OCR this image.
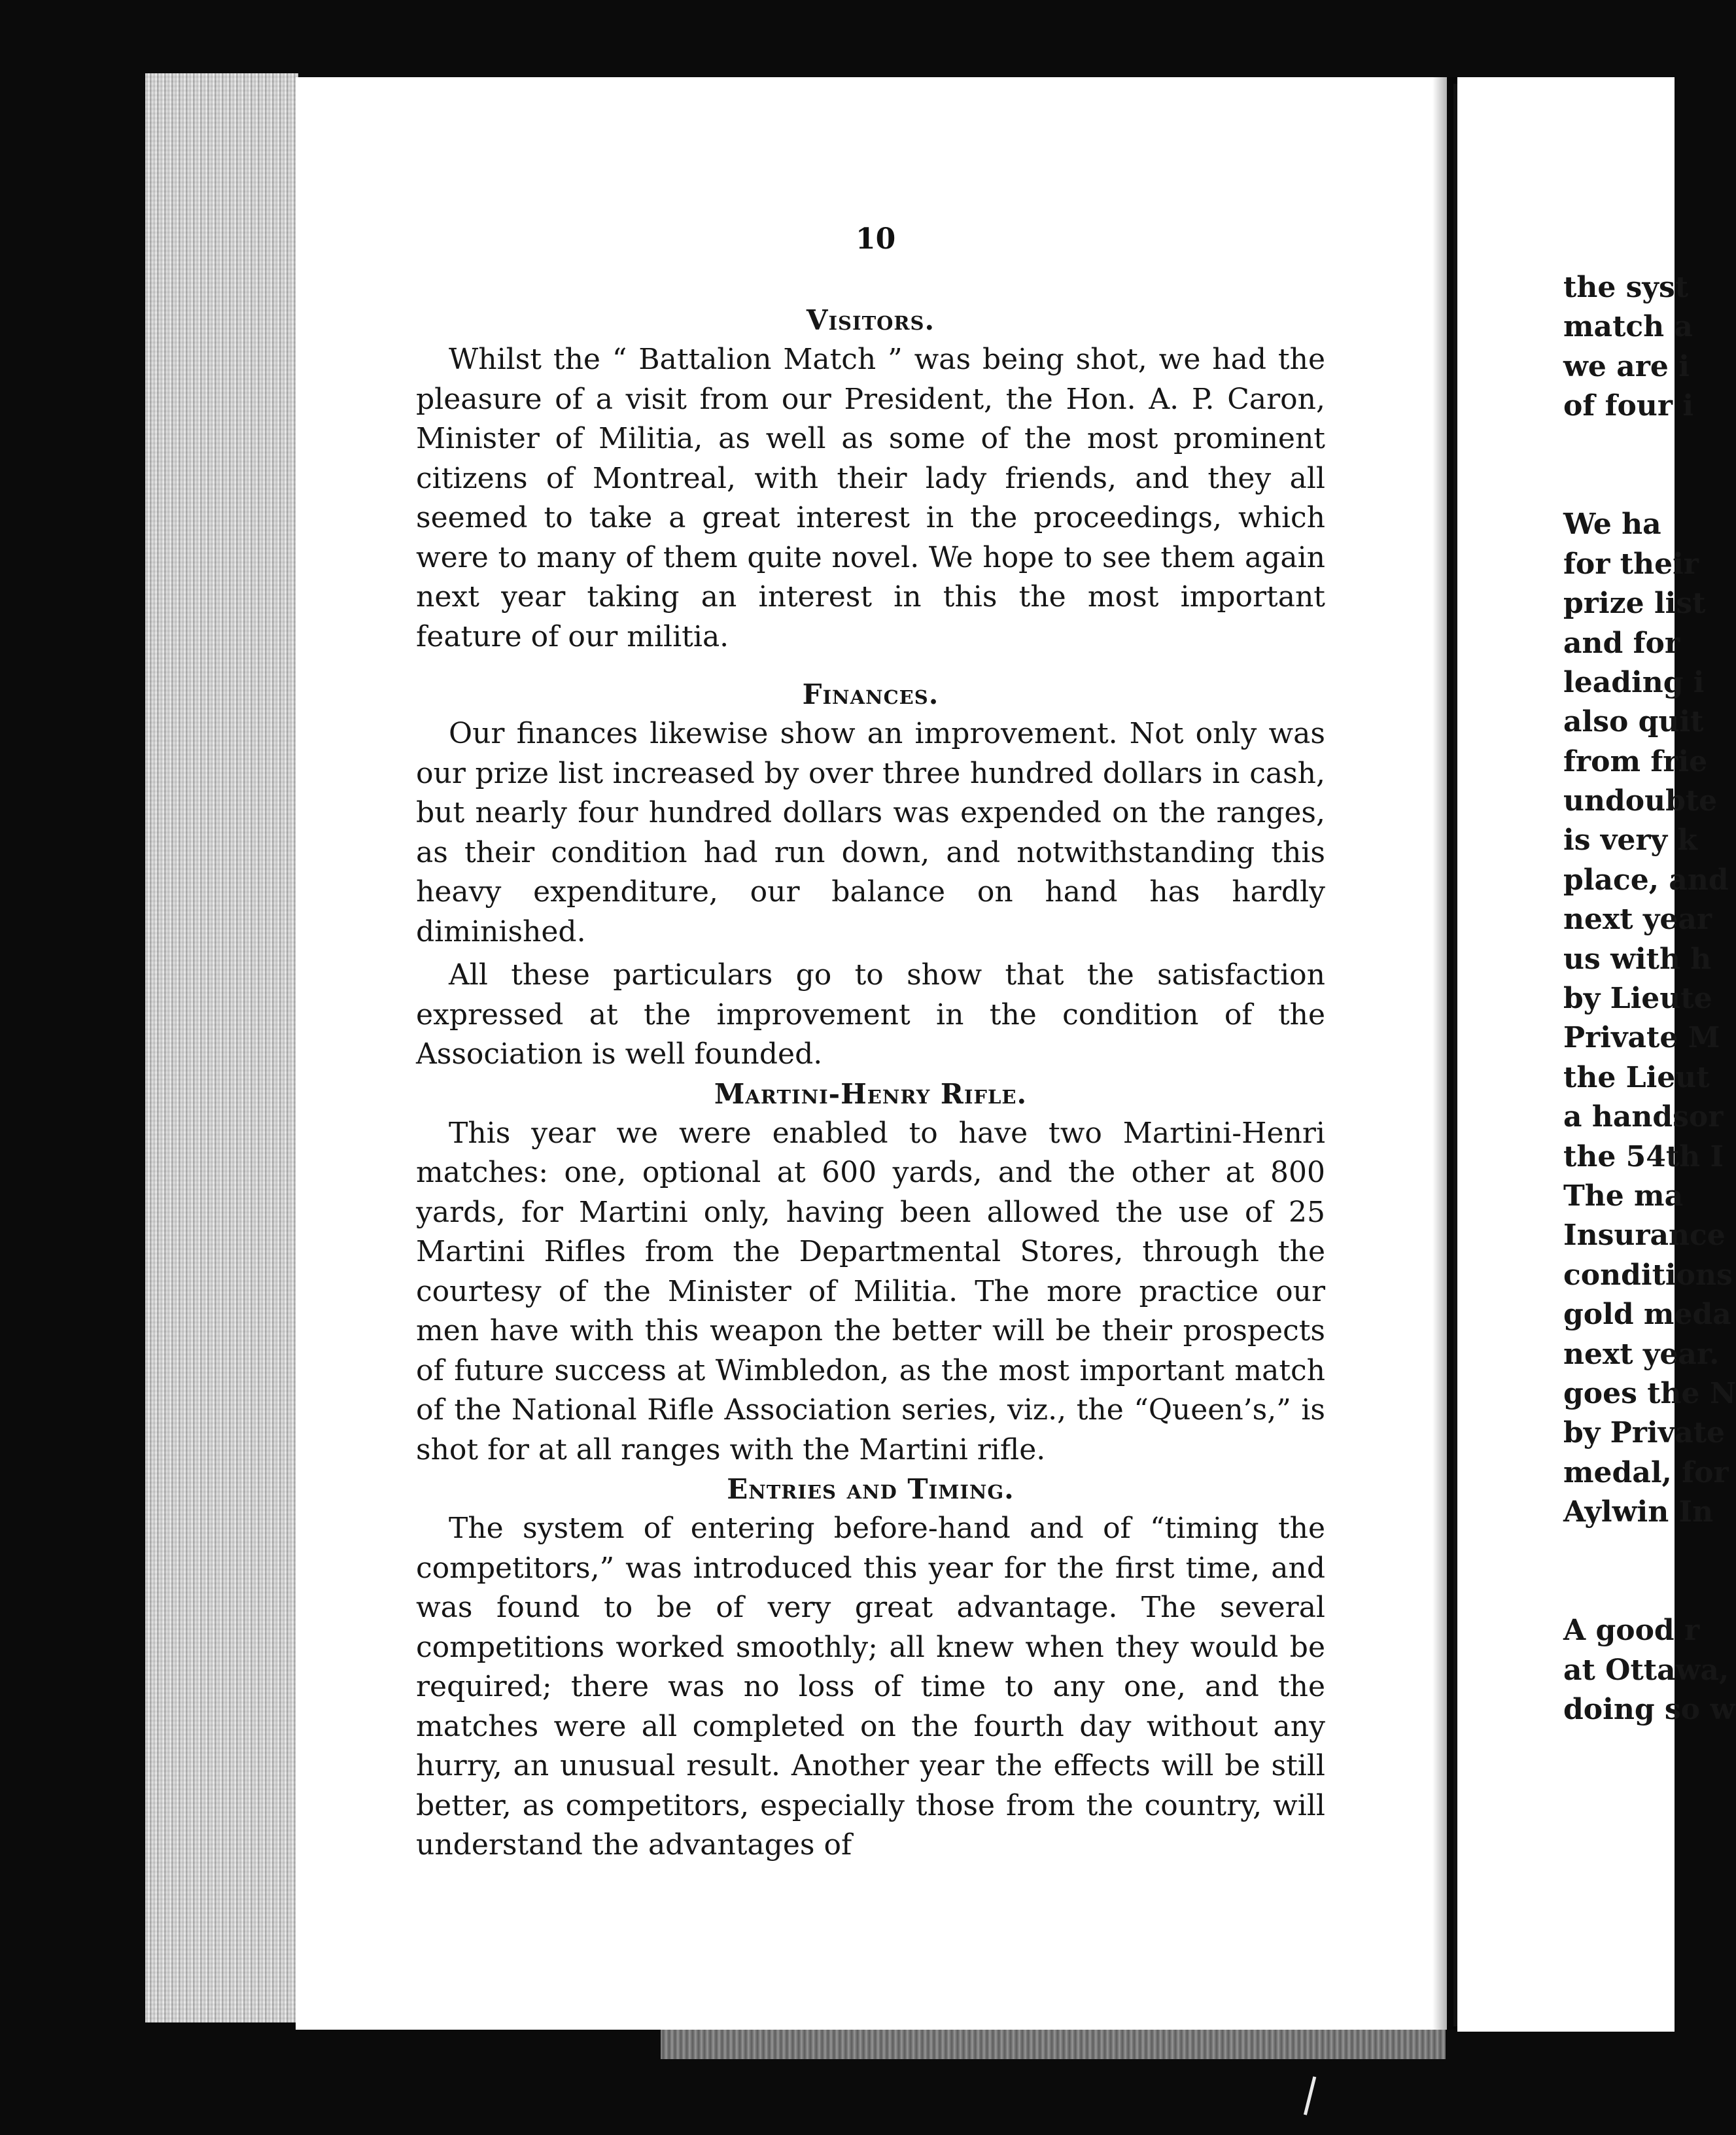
10
Visitors.

Whilst the “ Battalion Match ” was being shot, we had the pleasure of a visit from our President, the Hon. A. P. Caron, Minister of Militia, as well as some of the most prominent citizens of Montreal, with their lady friends, and they all seemed to take a great interest in the proceedings, which were to many of them quite novel. We hope to see them again next year taking an interest in this the most important feature of our militia.

Finances.

Our finances likewise show an improvement. Not only was our prize list increased by over three hundred dollars in cash, but nearly four hundred dollars was expended on the ranges, as their condition had run down, and notwithstanding this heavy expenditure, our balance on hand has hardly diminished.

All these particulars go to show that the satisfaction expressed at the improvement in the condition of the Association is well founded.

Martini-Henry Rifle.

This year we were enabled to have two Martini-Henri matches: one, optional at 600 yards, and the other at 800 yards, for Martini only, having been allowed the use of 25 Martini Rifles from the Departmental Stores, through the courtesy of the Minister of Militia. The more practice our men have with this weapon the better will be their prospects of future success at Wimbledon, as the most important match of the National Rifle Association series, viz., the “Queen’s,” is shot for at all ranges with the Martini rifle.

Entries and Timing.

The system of entering before-hand and of “timing the competitors,” was introduced this year for the first time, and was found to be of very great advantage. The several competitions worked smoothly; all knew when they would be required; there was no loss of time to any one, and the matches were all completed on the fourth day without any hurry, an unusual result. Another year the effects will be still better, as competitors, especially those from the country, will understand the advantages of

the syst
match a
we are i
of four i
We ha
for their
prize list
and for
leading i
also quit
from frie
undoubte
is very k
place, and
next year
us with h
by Lieute
Private M
the Lieut
a handsor
the 54th I
The ma
Insurance
conditions
gold meda
next year.
goes the N
by Private
medal, for
Aylwin In
A good r
at Ottawa,
doing so w
